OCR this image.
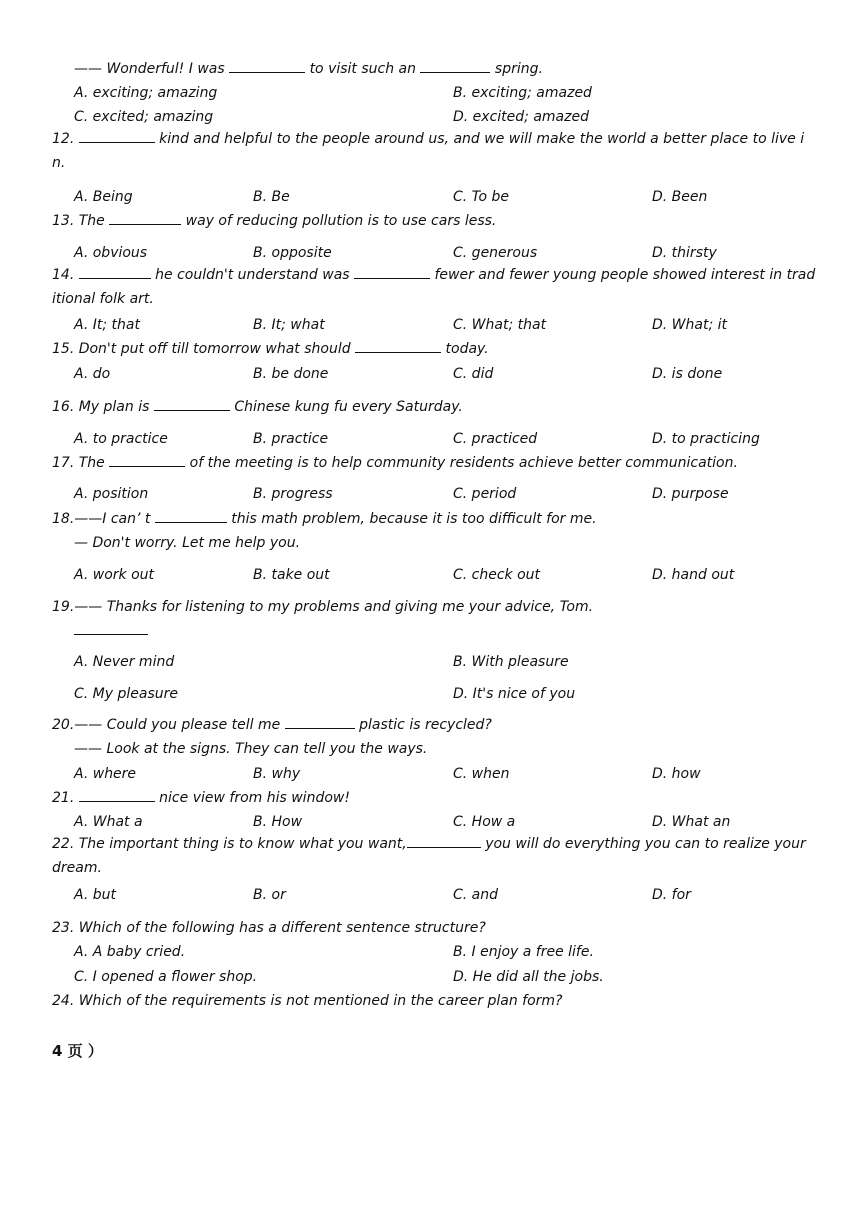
—— Wonderful! I was	to visit such an	spring.
A. exciting; amazing	B. exciting; amazed
C. excited; amazing	D. excited; amazed
12.	kind and helpful to the people around us, and we will make the world a better place to live in.
A. Being	B. Be	C. To be	D. Been
13. The	way of reducing pollution is to use cars less.
A. obvious	B. opposite	C. generous	D. thirsty
14.	he couldn't understand was	fewer and fewer young people showed interest in traditional folk art.
A. It; that	B. It; what	C. What; that	D. What; it
15. Don't put off till tomorrow what should	today.
A. do	B. be done	C. did	D. is done
16. My plan is	Chinese kung fu every Saturday.
A. to practice	B. practice	C. practiced	D. to practicing
17. The	of the meeting is to help community residents achieve better communication.
A. position	B. progress	C. period	D. purpose
18.——I can’ t	this math problem, because it is too difficult for me.
— Don't worry. Let me help you.
A. work out	B. take out	C. check out	D. hand out
19.—— Thanks for listening to my problems and giving me your advice, Tom.
A. Never mind	B. With pleasure
C. My pleasure	D. It's nice of you
20.—— Could you please tell me	plastic is recycled?
—— Look at the signs. They can tell you the ways.
A. where	B. why	C. when	D. how
21.	nice view from his window!
A. What a	B. How	C. How a	D. What an
22. The important thing is to know what you want,	you will do everything you can to realize your dream.
A. but	B. or	C. and	D. for
23. Which of the following has a different sentence structure?
A. A baby cried.	B. I enjoy a free life.
C. I opened a flower shop.	D. He did all the jobs.
24. Which of the requirements is not mentioned in the career plan form?
4 页 ）
